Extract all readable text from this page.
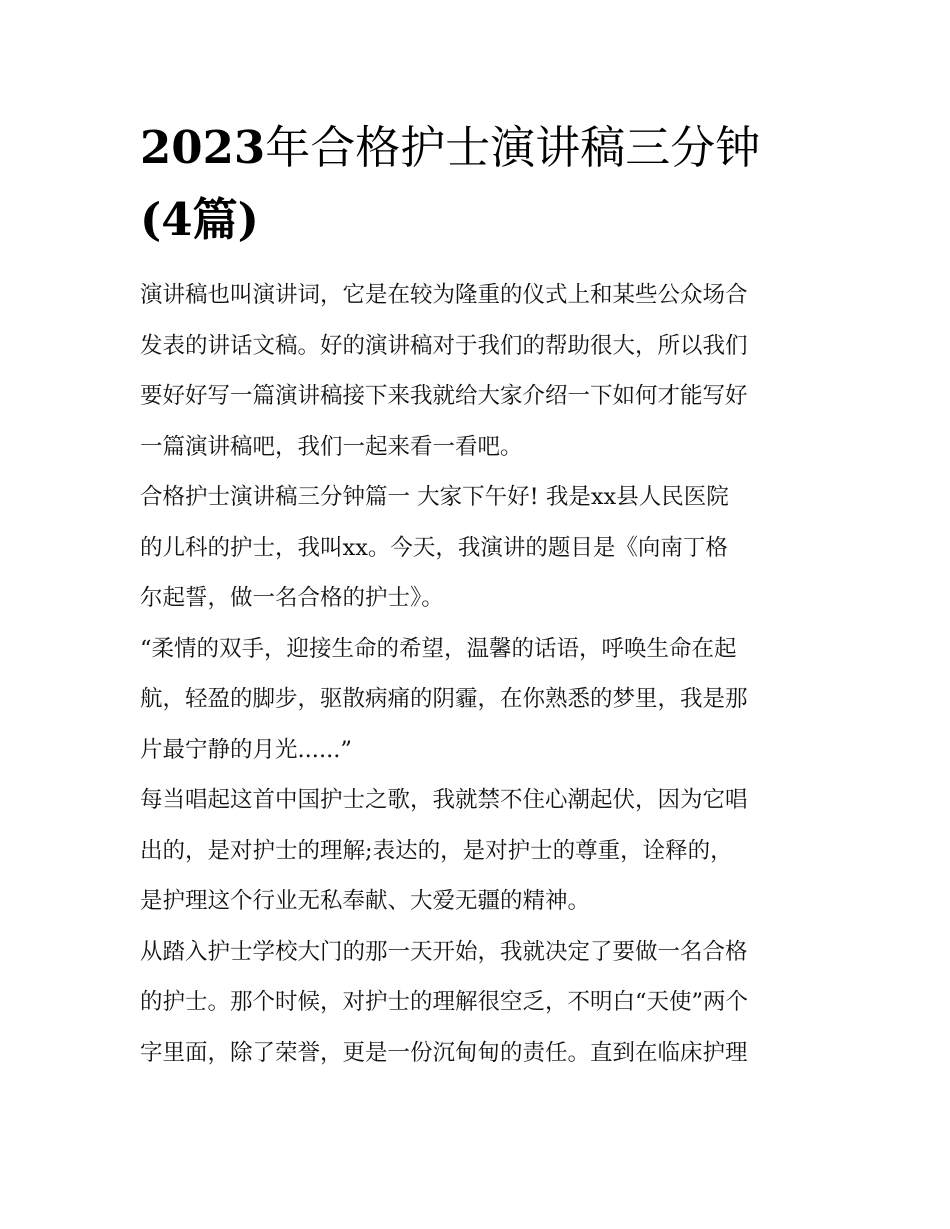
2023年合格护士演讲稿三分钟
(4篇)

演讲稿也叫演讲词，它是在较为隆重的仪式上和某些公众场合
发表的讲话文稿。好的演讲稿对于我们的帮助很大，所以我们
要好好写一篇演讲稿接下来我就给大家介绍一下如何才能写好
一篇演讲稿吧，我们一起来看一看吧。

合格护士演讲稿三分钟篇一 大家下午好! 我是xx县人民医院
的儿科的护士，我叫xx。今天，我演讲的题目是《向南丁格
尔起誓，做一名合格的护士》。

“柔情的双手，迎接生命的希望，温馨的话语，呼唤生命在起
航，轻盈的脚步，驱散病痛的阴霾，在你熟悉的梦里，我是那
片最宁静的月光......”

每当唱起这首中国护士之歌，我就禁不住心潮起伏，因为它唱
出的，是对护士的理解;表达的，是对护士的尊重，诠释的，
是护理这个行业无私奉献、大爱无疆的精神。

从踏入护士学校大门的那一天开始，我就决定了要做一名合格
的护士。那个时候，对护士的理解很空乏，不明白“天使”两个
字里面，除了荣誉，更是一份沉甸甸的责任。直到在临床护理
